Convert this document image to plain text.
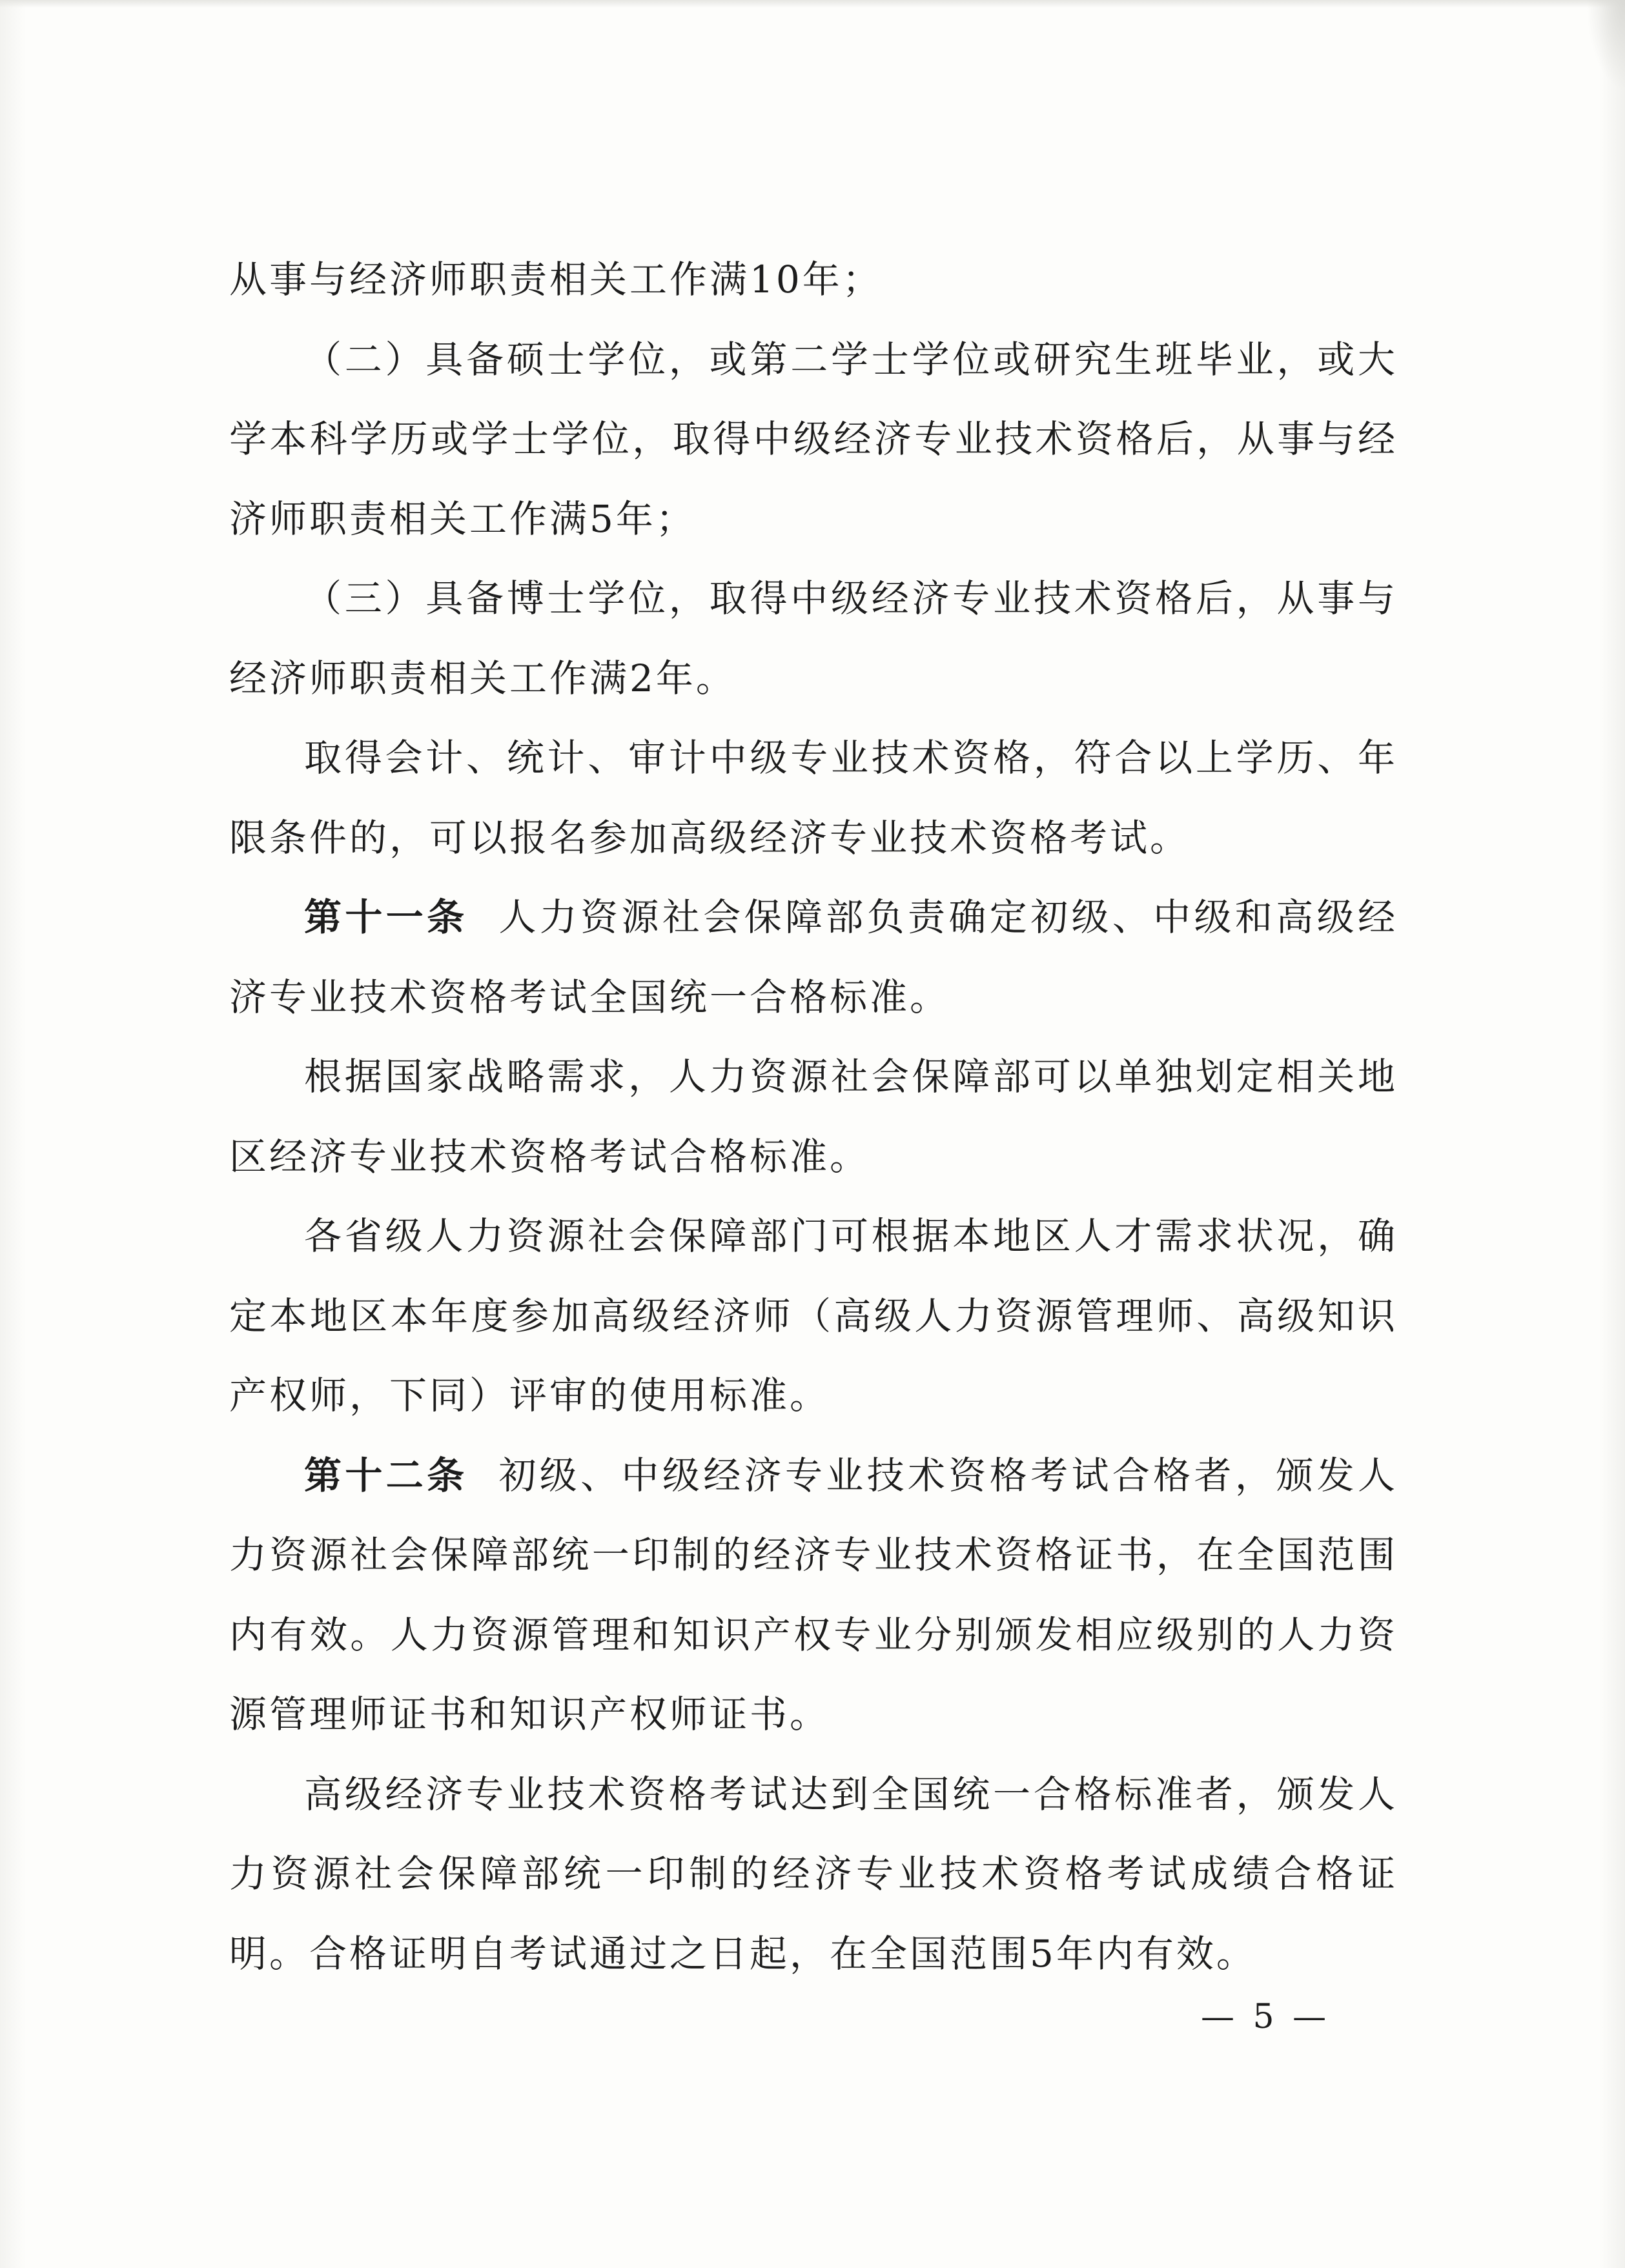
从事与经济师职责相关工作满10年；

（二）具备硕士学位，或第二学士学位或研究生班毕业，或大学本科学历或学士学位，取得中级经济专业技术资格后，从事与经济师职责相关工作满5年；

（三）具备博士学位，取得中级经济专业技术资格后，从事与经济师职责相关工作满2年。

取得会计、统计、审计中级专业技术资格，符合以上学历、年限条件的，可以报名参加高级经济专业技术资格考试。

第十一条 人力资源社会保障部负责确定初级、中级和高级经济专业技术资格考试全国统一合格标准。

根据国家战略需求，人力资源社会保障部可以单独划定相关地区经济专业技术资格考试合格标准。

各省级人力资源社会保障部门可根据本地区人才需求状况，确定本地区本年度参加高级经济师（高级人力资源管理师、高级知识产权师，下同）评审的使用标准。

第十二条 初级、中级经济专业技术资格考试合格者，颁发人力资源社会保障部统一印制的经济专业技术资格证书，在全国范围内有效。人力资源管理和知识产权专业分别颁发相应级别的人力资源管理师证书和知识产权师证书。

高级经济专业技术资格考试达到全国统一合格标准者，颁发人力资源社会保障部统一印制的经济专业技术资格考试成绩合格证明。合格证明自考试通过之日起，在全国范围5年内有效。

— 5 —
